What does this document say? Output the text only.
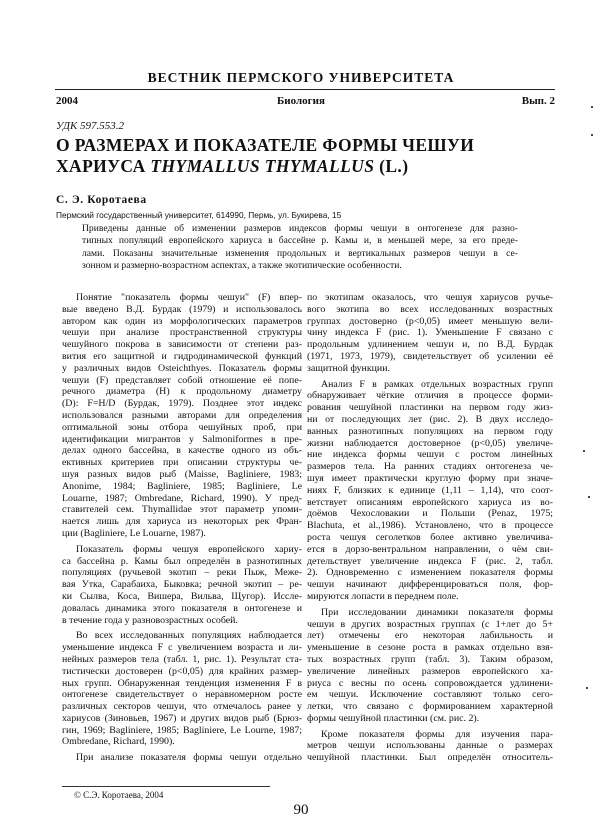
ВЕСТНИК ПЕРМСКОГО УНИВЕРСИТЕТА
2004	Биология	Вып. 2
УДК 597.553.2
О РАЗМЕРАХ И ПОКАЗАТЕЛЕ ФОРМЫ ЧЕШУИ
ХАРИУСА THYMALLUS THYMALLUS (L.)
С. Э. Коротаева
Пермский государственный университет, 614990, Пермь, ул. Букирева, 15
Приведены данные об изменении размеров индексов формы чешуи в онтогенезе для разно-
типных популяций европейского хариуса в бассейне р. Камы и, в меньшей мере, за его преде-
лами. Показаны значительные изменения продольных и вертикальных размеров чешуи в се-
зонном и размерно-возрастном аспектах, а также экотипические особенности.
Понятие "показатель формы чешуи" (F) впер-
вые введено В.Д. Бурдак (1979) и использовалось
автором как один из морфологических параметров
чешуи при анализе пространственной структуры
чешуйного покрова в зависимости от степени раз-
вития его защитной и гидродинамической функций
у различных видов Osteichthyes. Показатель формы
чешуи (F) представляет собой отношение её попе-
речного диаметра (H) к продольному диаметру
(D): F=H/D (Бурдак, 1979). Позднее этот индекс
использовался разными авторами для определения
оптимальной зоны отбора чешуйных проб, при
идентификации мигрантов у Salmoniformes в пре-
делах одного бассейна, в качестве одного из объ-
ективных критериев при описании структуры че-
шуя разных видов рыб (Maisse, Bagliniere, 1983;
Anonime, 1984; Bagliniere, 1985; Bagliniere, Le
Louarne, 1987; Ombredane, Richard, 1990). У пред-
ставителей сем. Thymallidae этот параметр упоми-
нается лишь для хариуса из некоторых рек Фран-
ции (Bagliniere, Le Louarne, 1987).
Показатель формы чешуя европейского хариу-
са бассейна р. Камы был определён в разнотипных
популяциях (ручьевой экотип – реки Пыж, Меже-
вая Утка, Сарабаиха, Быковка; речной экотип – ре-
ки Сылва, Коса, Вишера, Вильва, Щугор). Иссле-
довалась динамика этого показателя в онтогенезе и
в течение года у разновозрастных особей.
Во всех исследованных популяциях наблюдается
уменьшение индекса F с увеличением возраста и ли-
нейных размеров тела (табл. 1, рис. 1). Результат ста-
тистически достоверен (p<0,05) для крайних размер-
ных групп. Обнаруженная тенденция изменения F в
онтогенезе свидетельствует о неравномерном росте
различных секторов чешуи, что отмечалось ранее у
хариусов (Зиновьев, 1967) и других видов рыб (Брюз-
гин, 1969; Bagliniere, 1985; Bagliniere, Le Lourne, 1987;
Ombredane, Richard, 1990).
При анализе показателя формы чешуи отдельно
по экотипам оказалось, что чешуя хариусов ручье-
вого экотипа во всех исследованных возрастных
группах достоверно (p<0,05) имеет меньшую вели-
чину индекса F (рис. 1). Уменьшение F связано с
продольным удлинением чешуи и, по В.Д. Бурдак
(1971, 1973, 1979), свидетельствует об усилении её
защитной функции.
Анализ F в рамках отдельных возрастных групп
обнаруживает чёткие отличия в процессе форми-
рования чешуйной пластинки на первом году жиз-
ни от последующих лет (рис. 2). В двух исследо-
ванных разнотипных популяциях на первом году
жизни наблюдается достоверное (p<0,05) увеличе-
ние индекса формы чешуи с ростом линейных
размеров тела. На ранних стадиях онтогенеза че-
шуя имеет практически круглую форму при значе-
ниях F, близких к единице (1,11 – 1,14), что соот-
ветствует описаниям европейского хариуса из во-
доёмов Чехословакии и Польши (Penaz, 1975;
Blachuta, et al.,1986). Установлено, что в процессе
роста чешуя сеголетков более активно увеличива-
ется в дорзо-вентральном направлении, о чём сви-
детельствует увеличение индекса F (рис. 2, табл.
2). Одновременно с изменением показателя формы
чешуи начинают дифференцироваться поля, фор-
мируются лопасти в переднем поле.
При исследовании динамики показателя формы
чешуи в других возрастных группах (с 1+лет до 5+
лет) отмечены его некоторая лабильность и
уменьшение в сезоне роста в рамках отдельно взя-
тых возрастных групп (табл. 3). Таким образом,
увеличение линейных размеров европейского ха-
риуса с весны по осень сопровождается удлинени-
ем чешуи. Исключение составляют только сего-
летки, что связано с формированием характерной
формы чешуйной пластинки (см. рис. 2).
Кроме показателя формы для изучения пара-
метров чешуи использованы данные о размерах
чешуйной пластинки. Был определён относитель-
© С.Э. Коротаева, 2004
90
